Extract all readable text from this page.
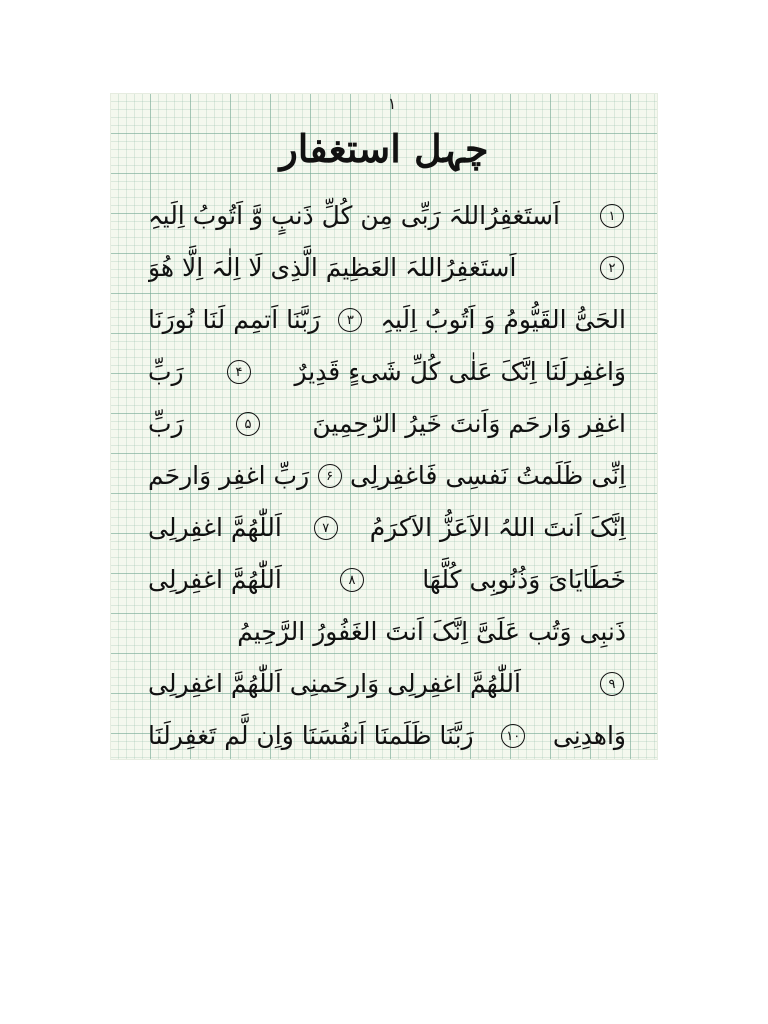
۱
چہل استغفار
۱
اَستَغفِرُاللہَ رَبِّی مِن کُلِّ ذَنبٍ وَّ اَتُوبُ اِلَیہِ
۲
اَستَغفِرُاللہَ العَظِیمَ الَّذِی لَا اِلٰہَ اِلَّا ھُوَ
الحَیُّ القَیُّومُ وَ اَتُوبُ اِلَیہِ
۳
رَبَّنَا اَتمِم لَنَا نُورَنَا
وَاغفِرلَنَا اِنَّکَ عَلٰی کُلِّ شَیءٍ قَدِیرٌ
۴
رَبِّ
اغفِر وَارحَم وَاَنتَ خَیرُ الرّٰحِمِینَ
۵
رَبِّ
اِنِّی ظَلَمتُ نَفسِی فَاغفِرلِی
۶
رَبِّ اغفِر وَارحَم
اِنَّکَ اَنتَ اللہُ الاَعَزُّ الاَکرَمُ
۷
اَللّٰھُمَّ اغفِرلِی
خَطَایَایَ وَذُنُوبِی کُلَّھَا
۸
اَللّٰھُمَّ اغفِرلِی
ذَنبِی وَتُب عَلَیَّ اِنَّکَ اَنتَ الغَفُورُ الرَّحِیمُ
۹
اَللّٰھُمَّ اغفِرلِی وَارحَمنِی اَللّٰھُمَّ اغفِرلِی
وَاھدِنِی
۱۰
رَبَّنَا ظَلَمنَا اَنفُسَنَا وَاِن لَّم تَغفِرلَنَا
